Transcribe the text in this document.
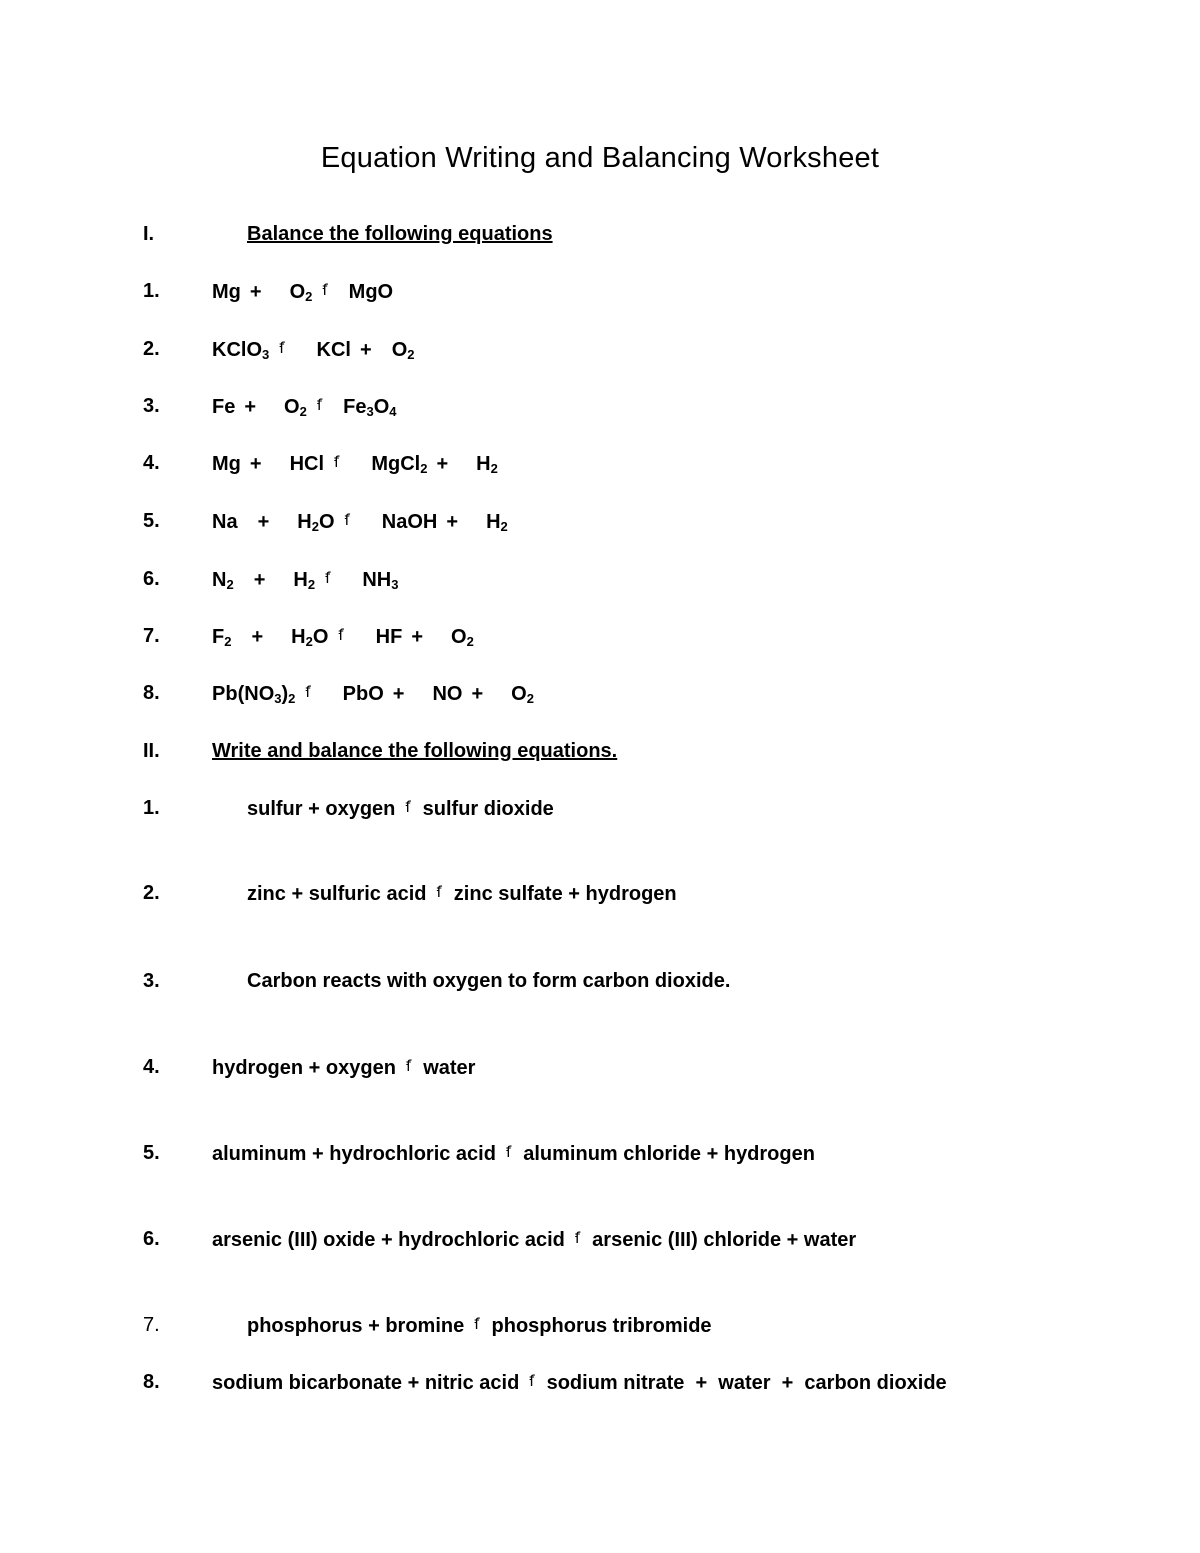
Equation Writing and Balancing Worksheet
I.	Balance the following equations
1.	$Mg + O_2$ ẝ MgO
2.	KClO$_3$ ẝ KCl + $O_2$
3.	$Fe + O_2$ ẝ $Fe_3O_4$
4.	Mg + HCl ẝ MgCl$_2$ + $H_2$
5.	$Na + H_2O$ ẝ NaOH + $H_2$
6.	$N_2 + H_2$ ẝ $NH_3$
7.	$F_2 + H_2O$ ẝ HF + $O_2$
8.	$Pb(NO_3)_2$ ẝ PbO + NO + $O_2$
II.	Write and balance the following equations.
1.	sulfur + oxygen ẝ sulfur dioxide
2.	zinc + sulfuric acid ẝ zinc sulfate + hydrogen
3.	Carbon reacts with oxygen to form carbon dioxide.
4.	hydrogen + oxygen ẝ water
5.	aluminum + hydrochloric acid ẝ aluminum chloride + hydrogen
6.	arsenic (III) oxide + hydrochloric acid ẝ arsenic (III) chloride + water
7.	phosphorus + bromine ẝ phosphorus tribromide
8.	sodium bicarbonate + nitric acid ẝ sodium nitrate  +  water  +  carbon dioxide
